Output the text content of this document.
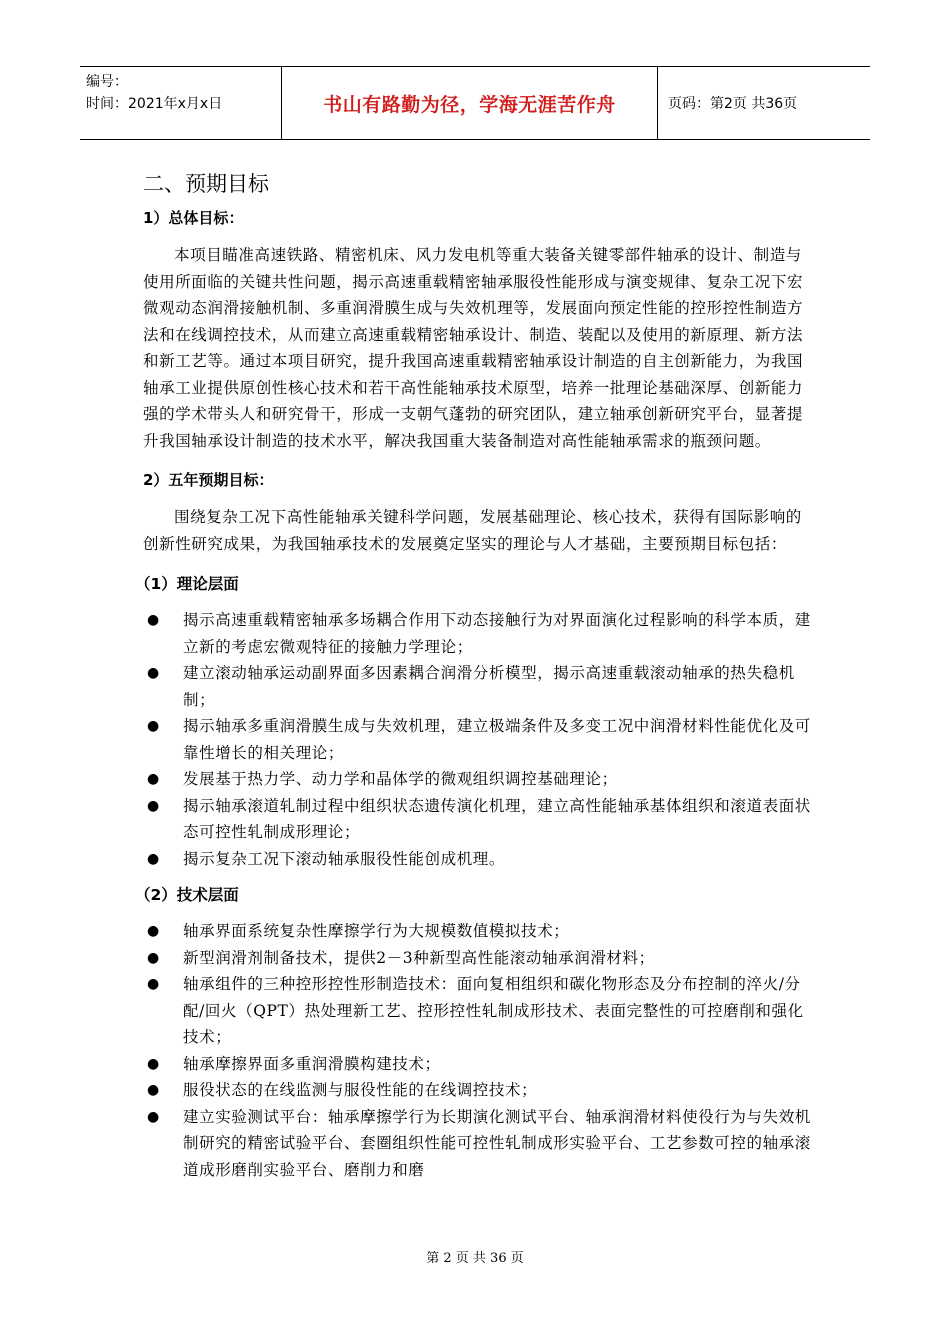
编号：
时间：2021年x月x日	书山有路勤为径，学海无涯苦作舟	页码：第2页 共36页
二、预期目标
1）总体目标：

本项目瞄准高速铁路、精密机床、风力发电机等重大装备关键零部件轴承的设计、制造与使用所面临的关键共性问题，揭示高速重载精密轴承服役性能形成与演变规律、复杂工况下宏微观动态润滑接触机制、多重润滑膜生成与失效机理等，发展面向预定性能的控形控性制造方法和在线调控技术，从而建立高速重载精密轴承设计、制造、装配以及使用的新原理、新方法和新工艺等。通过本项目研究，提升我国高速重载精密轴承设计制造的自主创新能力，为我国轴承工业提供原创性核心技术和若干高性能轴承技术原型，培养一批理论基础深厚、创新能力强的学术带头人和研究骨干，形成一支朝气蓬勃的研究团队，建立轴承创新研究平台，显著提升我国轴承设计制造的技术水平，解决我国重大装备制造对高性能轴承需求的瓶颈问题。

2）五年预期目标：

围绕复杂工况下高性能轴承关键科学问题，发展基础理论、核心技术，获得有国际影响的创新性研究成果，为我国轴承技术的发展奠定坚实的理论与人才基础，主要预期目标包括：

（1）理论层面
● 揭示高速重载精密轴承多场耦合作用下动态接触行为对界面演化过程影响的科学本质，建立新的考虑宏微观特征的接触力学理论；
● 建立滚动轴承运动副界面多因素耦合润滑分析模型，揭示高速重载滚动轴承的热失稳机制；
● 揭示轴承多重润滑膜生成与失效机理，建立极端条件及多变工况中润滑材料性能优化及可靠性增长的相关理论；
● 发展基于热力学、动力学和晶体学的微观组织调控基础理论；
● 揭示轴承滚道轧制过程中组织状态遗传演化机理，建立高性能轴承基体组织和滚道表面状态可控性轧制成形理论；
● 揭示复杂工况下滚动轴承服役性能创成机理。
（2）技术层面
● 轴承界面系统复杂性摩擦学行为大规模数值模拟技术；
● 新型润滑剂制备技术，提供2－3种新型高性能滚动轴承润滑材料；
● 轴承组件的三种控形控性形制造技术：面向复相组织和碳化物形态及分布控制的淬火/分配/回火（QPT）热处理新工艺、控形控性轧制成形技术、表面完整性的可控磨削和强化技术；
● 轴承摩擦界面多重润滑膜构建技术；
● 服役状态的在线监测与服役性能的在线调控技术；
● 建立实验测试平台：轴承摩擦学行为长期演化测试平台、轴承润滑材料使役行为与失效机制研究的精密试验平台、套圈组织性能可控性轧制成形实验平台、工艺参数可控的轴承滚道成形磨削实验平台、磨削力和磨
第 2 页 共 36 页
